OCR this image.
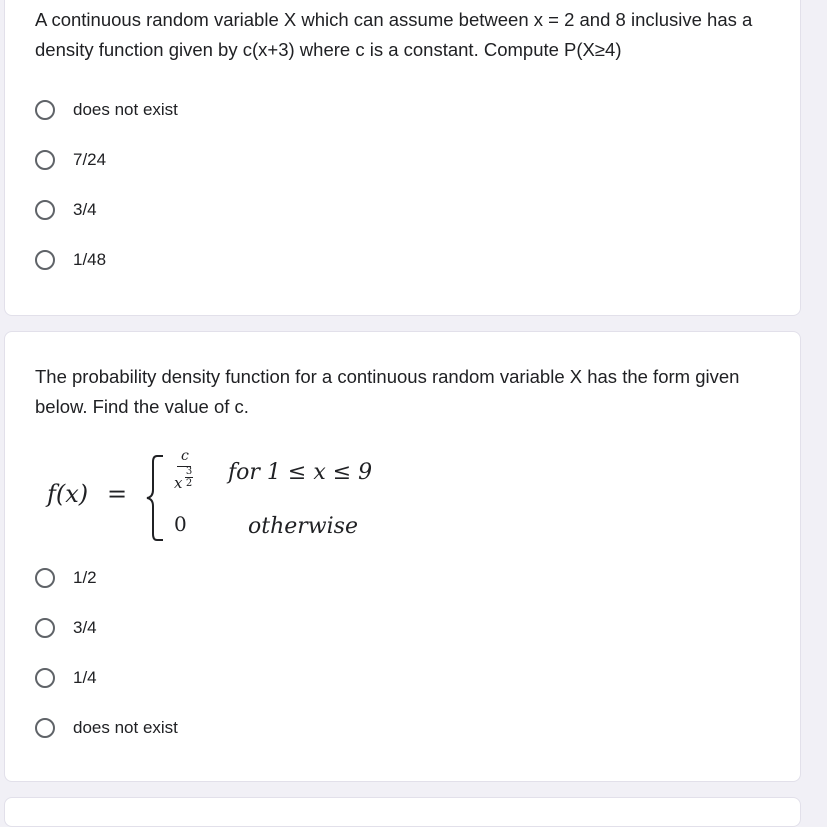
A continuous random variable X which can assume between x = 2 and 8 inclusive has a density function given by c(x+3) where c is a constant. Compute P(X≥4)
does not exist
7/24
3/4
1/48
The probability density function for a continuous random variable X has the form given below. Find the value of c.
f(x) =
c
x
3
2
0
for 1 ≤ x ≤ 9
otherwise
1/2
3/4
1/4
does not exist
